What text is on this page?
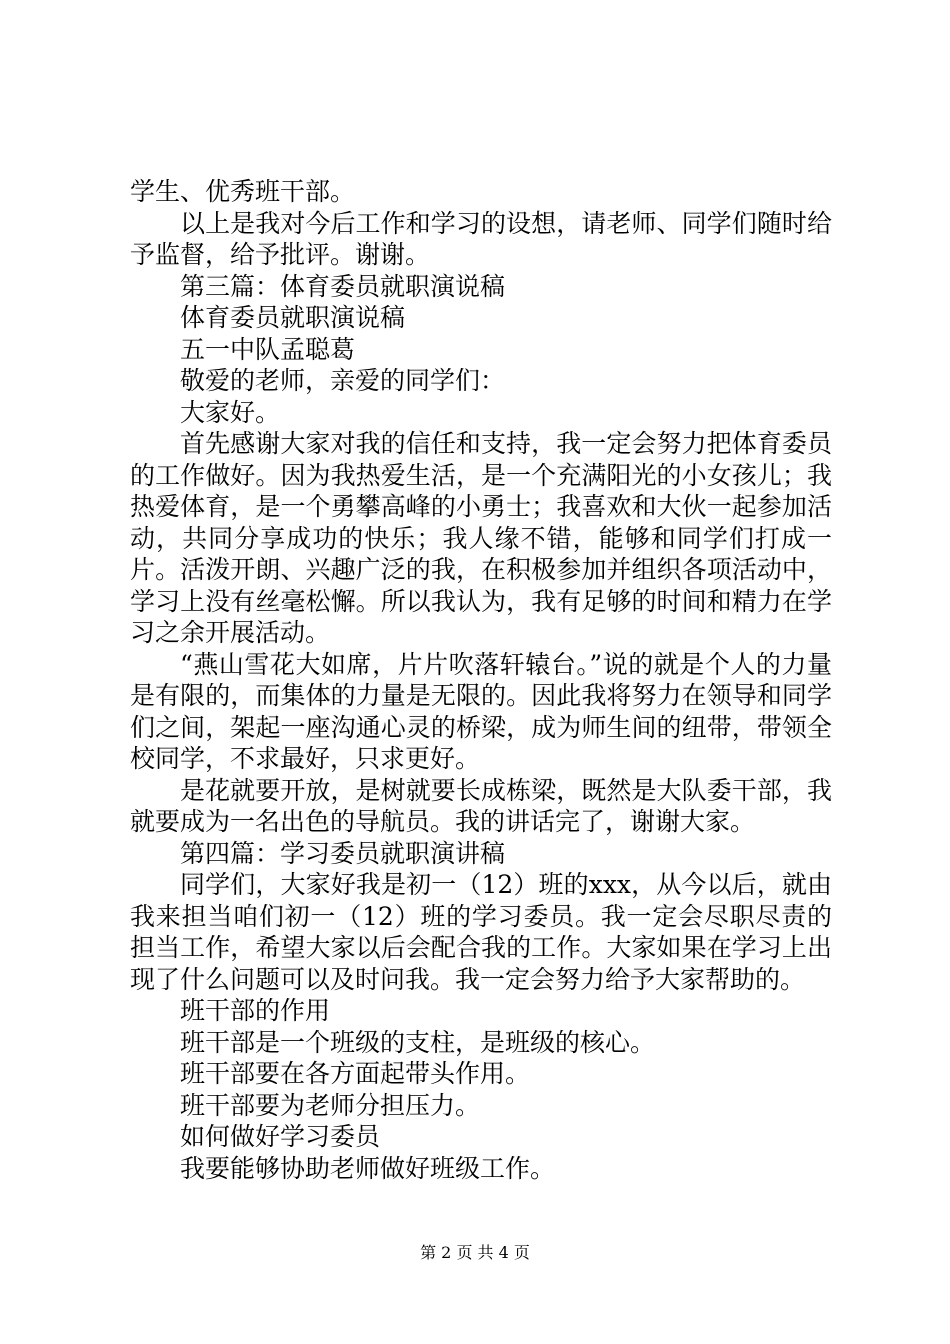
学生、优秀班干部。

以上是我对今后工作和学习的设想，请老师、同学们随时给予监督，给予批评。谢谢。

第三篇：体育委员就职演说稿

体育委员就职演说稿

五一中队孟聪葛

敬爱的老师，亲爱的同学们：

大家好。

首先感谢大家对我的信任和支持，我一定会努力把体育委员的工作做好。因为我热爱生活，是一个充满阳光的小女孩儿；我热爱体育，是一个勇攀高峰的小勇士；我喜欢和大伙一起参加活动，共同分享成功的快乐；我人缘不错，能够和同学们打成一片。活泼开朗、兴趣广泛的我，在积极参加并组织各项活动中，学习上没有丝毫松懈。所以我认为，我有足够的时间和精力在学习之余开展活动。

“燕山雪花大如席，片片吹落轩辕台。”说的就是个人的力量是有限的，而集体的力量是无限的。因此我将努力在领导和同学们之间，架起一座沟通心灵的桥梁，成为师生间的纽带，带领全校同学，不求最好，只求更好。

是花就要开放，是树就要长成栋梁，既然是大队委干部，我就要成为一名出色的导航员。我的讲话完了，谢谢大家。

第四篇：学习委员就职演讲稿

同学们，大家好我是初一（12）班的xxx，从今以后，就由我来担当咱们初一（12）班的学习委员。我一定会尽职尽责的担当工作，希望大家以后会配合我的工作。大家如果在学习上出现了什么问题可以及时问我。我一定会努力给予大家帮助的。

班干部的作用

班干部是一个班级的支柱，是班级的核心。

班干部要在各方面起带头作用。

班干部要为老师分担压力。

如何做好学习委员

我要能够协助老师做好班级工作。

第 2 页 共 4 页
